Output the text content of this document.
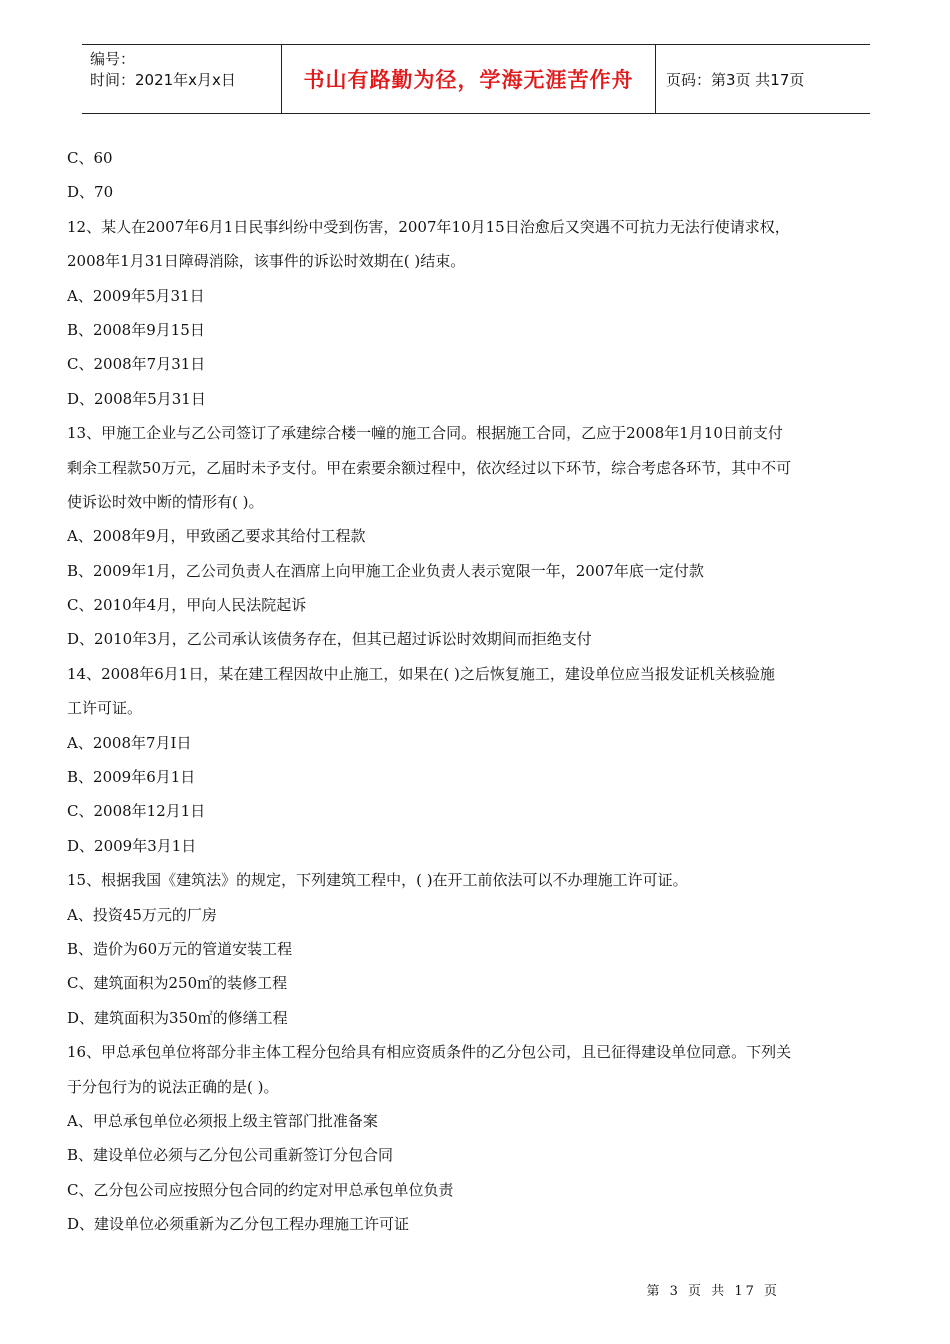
编号：
时间：2021年x月x日	书山有路勤为径，学海无涯苦作舟	页码：第3页 共17页
C、60
D、70
12、某人在2007年6月1日民事纠纷中受到伤害，2007年10月15日治愈后又突遇不可抗力无法行使请求权，
2008年1月31日障碍消除，该事件的诉讼时效期在( )结束。
A、2009年5月31日
B、2008年9月15日
C、2008年7月31日
D、2008年5月31日
13、甲施工企业与乙公司签订了承建综合楼一幢的施工合同。根据施工合同，乙应于2008年1月10日前支付
剩余工程款50万元，乙届时未予支付。甲在索要余额过程中，依次经过以下环节，综合考虑各环节，其中不可
使诉讼时效中断的情形有( )。
A、2008年9月，甲致函乙要求其给付工程款
B、2009年1月，乙公司负责人在酒席上向甲施工企业负责人表示宽限一年，2007年底一定付款
C、2010年4月，甲向人民法院起诉
D、2010年3月，乙公司承认该债务存在，但其已超过诉讼时效期间而拒绝支付
14、2008年6月1日，某在建工程因故中止施工，如果在( )之后恢复施工，建设单位应当报发证机关核验施
工许可证。
A、2008年7月I日
B、2009年6月1日
C、2008年12月1日
D、2009年3月1日
15、根据我国《建筑法》的规定，下列建筑工程中，( )在开工前依法可以不办理施工许可证。
A、投资45万元的厂房
B、造价为60万元的管道安装工程
C、建筑面积为250㎡的装修工程
D、建筑面积为350㎡的修缮工程
16、甲总承包单位将部分非主体工程分包给具有相应资质条件的乙分包公司，且已征得建设单位同意。下列关
于分包行为的说法正确的是( )。
A、甲总承包单位必须报上级主管部门批准备案
B、建设单位必须与乙分包公司重新签订分包合同
C、乙分包公司应按照分包合同的约定对甲总承包单位负责
D、建设单位必须重新为乙分包工程办理施工许可证
第 3 页 共 17 页
